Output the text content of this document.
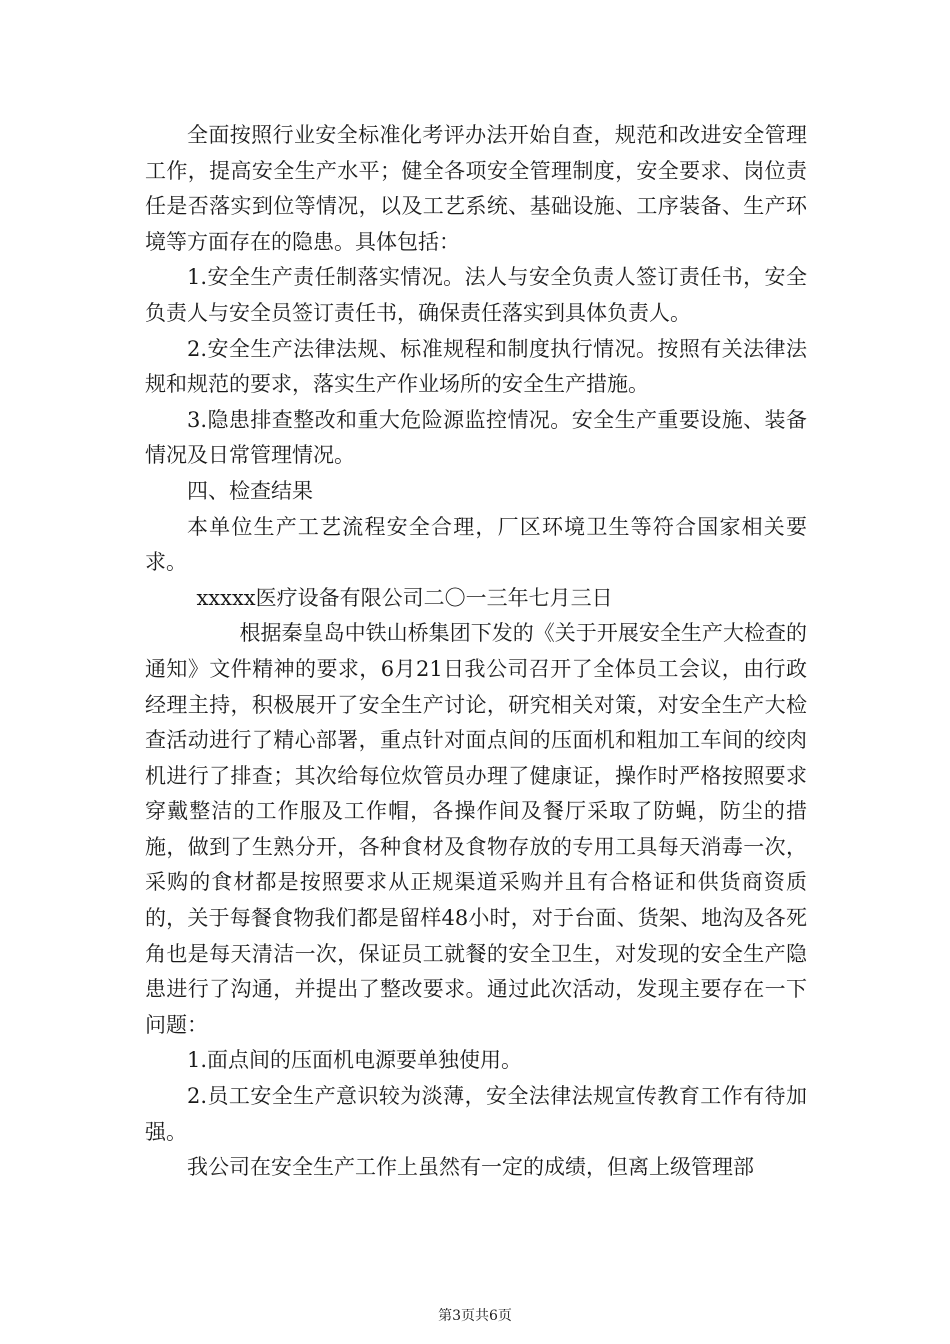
全面按照行业安全标准化考评办法开始自查，规范和改进安全管理工作，提高安全生产水平；健全各项安全管理制度，安全要求、岗位责任是否落实到位等情况，以及工艺系统、基础设施、工序装备、生产环境等方面存在的隐患。具体包括：

1.安全生产责任制落实情况。法人与安全负责人签订责任书，安全负责人与安全员签订责任书，确保责任落实到具体负责人。

2.安全生产法律法规、标准规程和制度执行情况。按照有关法律法规和规范的要求，落实生产作业场所的安全生产措施。

3.隐患排查整改和重大危险源监控情况。安全生产重要设施、装备情况及日常管理情况。

四、检查结果

本单位生产工艺流程安全合理，厂区环境卫生等符合国家相关要求。

xxxxx医疗设备有限公司二〇一三年七月三日

根据秦皇岛中铁山桥集团下发的《关于开展安全生产大检查的通知》文件精神的要求，6月21日我公司召开了全体员工会议，由行政经理主持，积极展开了安全生产讨论，研究相关对策，对安全生产大检查活动进行了精心部署，重点针对面点间的压面机和粗加工车间的绞肉机进行了排查；其次给每位炊管员办理了健康证，操作时严格按照要求穿戴整洁的工作服及工作帽，各操作间及餐厅采取了防蝇，防尘的措施，做到了生熟分开，各种食材及食物存放的专用工具每天消毒一次，采购的食材都是按照要求从正规渠道采购并且有合格证和供货商资质的，关于每餐食物我们都是留样48小时，对于台面、货架、地沟及各死角也是每天清洁一次，保证员工就餐的安全卫生，对发现的安全生产隐患进行了沟通，并提出了整改要求。通过此次活动，发现主要存在一下问题：

1.面点间的压面机电源要单独使用。

2.员工安全生产意识较为淡薄，安全法律法规宣传教育工作有待加强。

我公司在安全生产工作上虽然有一定的成绩，但离上级管理部

第3页共6页
